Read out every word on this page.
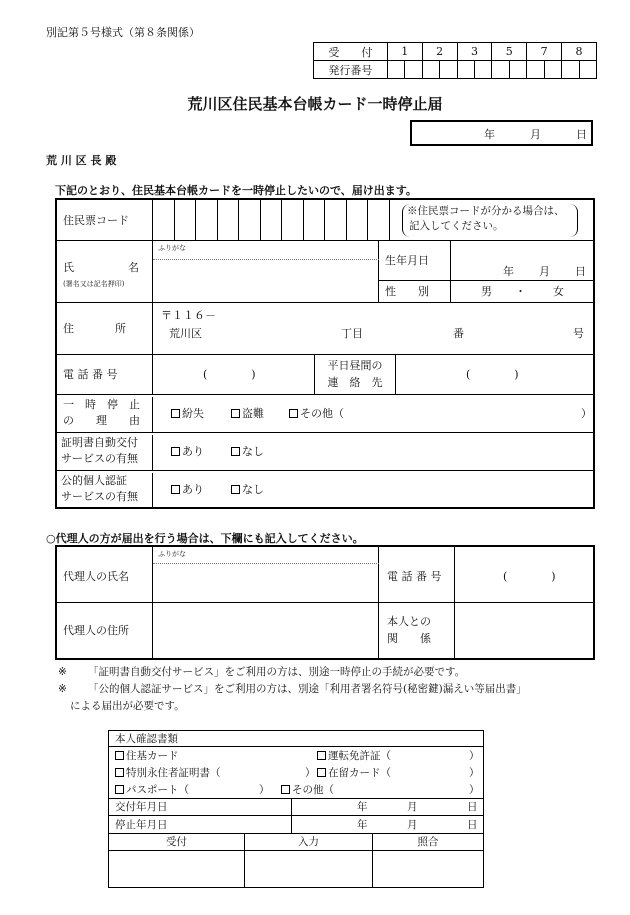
別記第５号様式（第８条関係）
受　　付	1	2	3	5	7	8
発行番号						
荒川区住民基本台帳カード一時停止届
年	月	日
荒 川 区 長 殿
下記のとおり、住民基本台帳カードを一時停止したいので、届け出ます。
住民票コード
※住民票コードが分かる場合は、
記入してください。
氏　　　　名
(署名又は記名押印)
ふりがな
生年月日
年 月 日
性　　別	男 ・ 女
住　　　所
〒１１６－
荒川区	丁目	番	号
電 話 番 号	(　　　　)
平日昼間の
連　絡　先
(　　　　)
一　時　停　止
の　　理　　由
紛失	盗難	その他（	）
証明書自動交付
サービスの有無
あり	なし
公的個人認証
サービスの有無
あり	なし
○代理人の方が届出を行う場合は、下欄にも記入してください。
代理人の氏名
ふりがな
電 話 番 号	(　　　　)
代理人の住所
本人との
関　　係
※ 「証明書自動交付サービス」をご利用の方は、別途一時停止の手続が必要です。
※ 「公的個人認証サービス」をご利用の方は、別途「利用者署名符号(秘密鍵)漏えい等届出書」
による届出が必要です。
本人確認書類
住基カード	運転免許証（	）
特別永住者証明書（	）	在留カード（	）
パスポート（	）	その他（	）
交付年月日	年	月	日
停止年月日	年	月	日
受付	入力	照合
